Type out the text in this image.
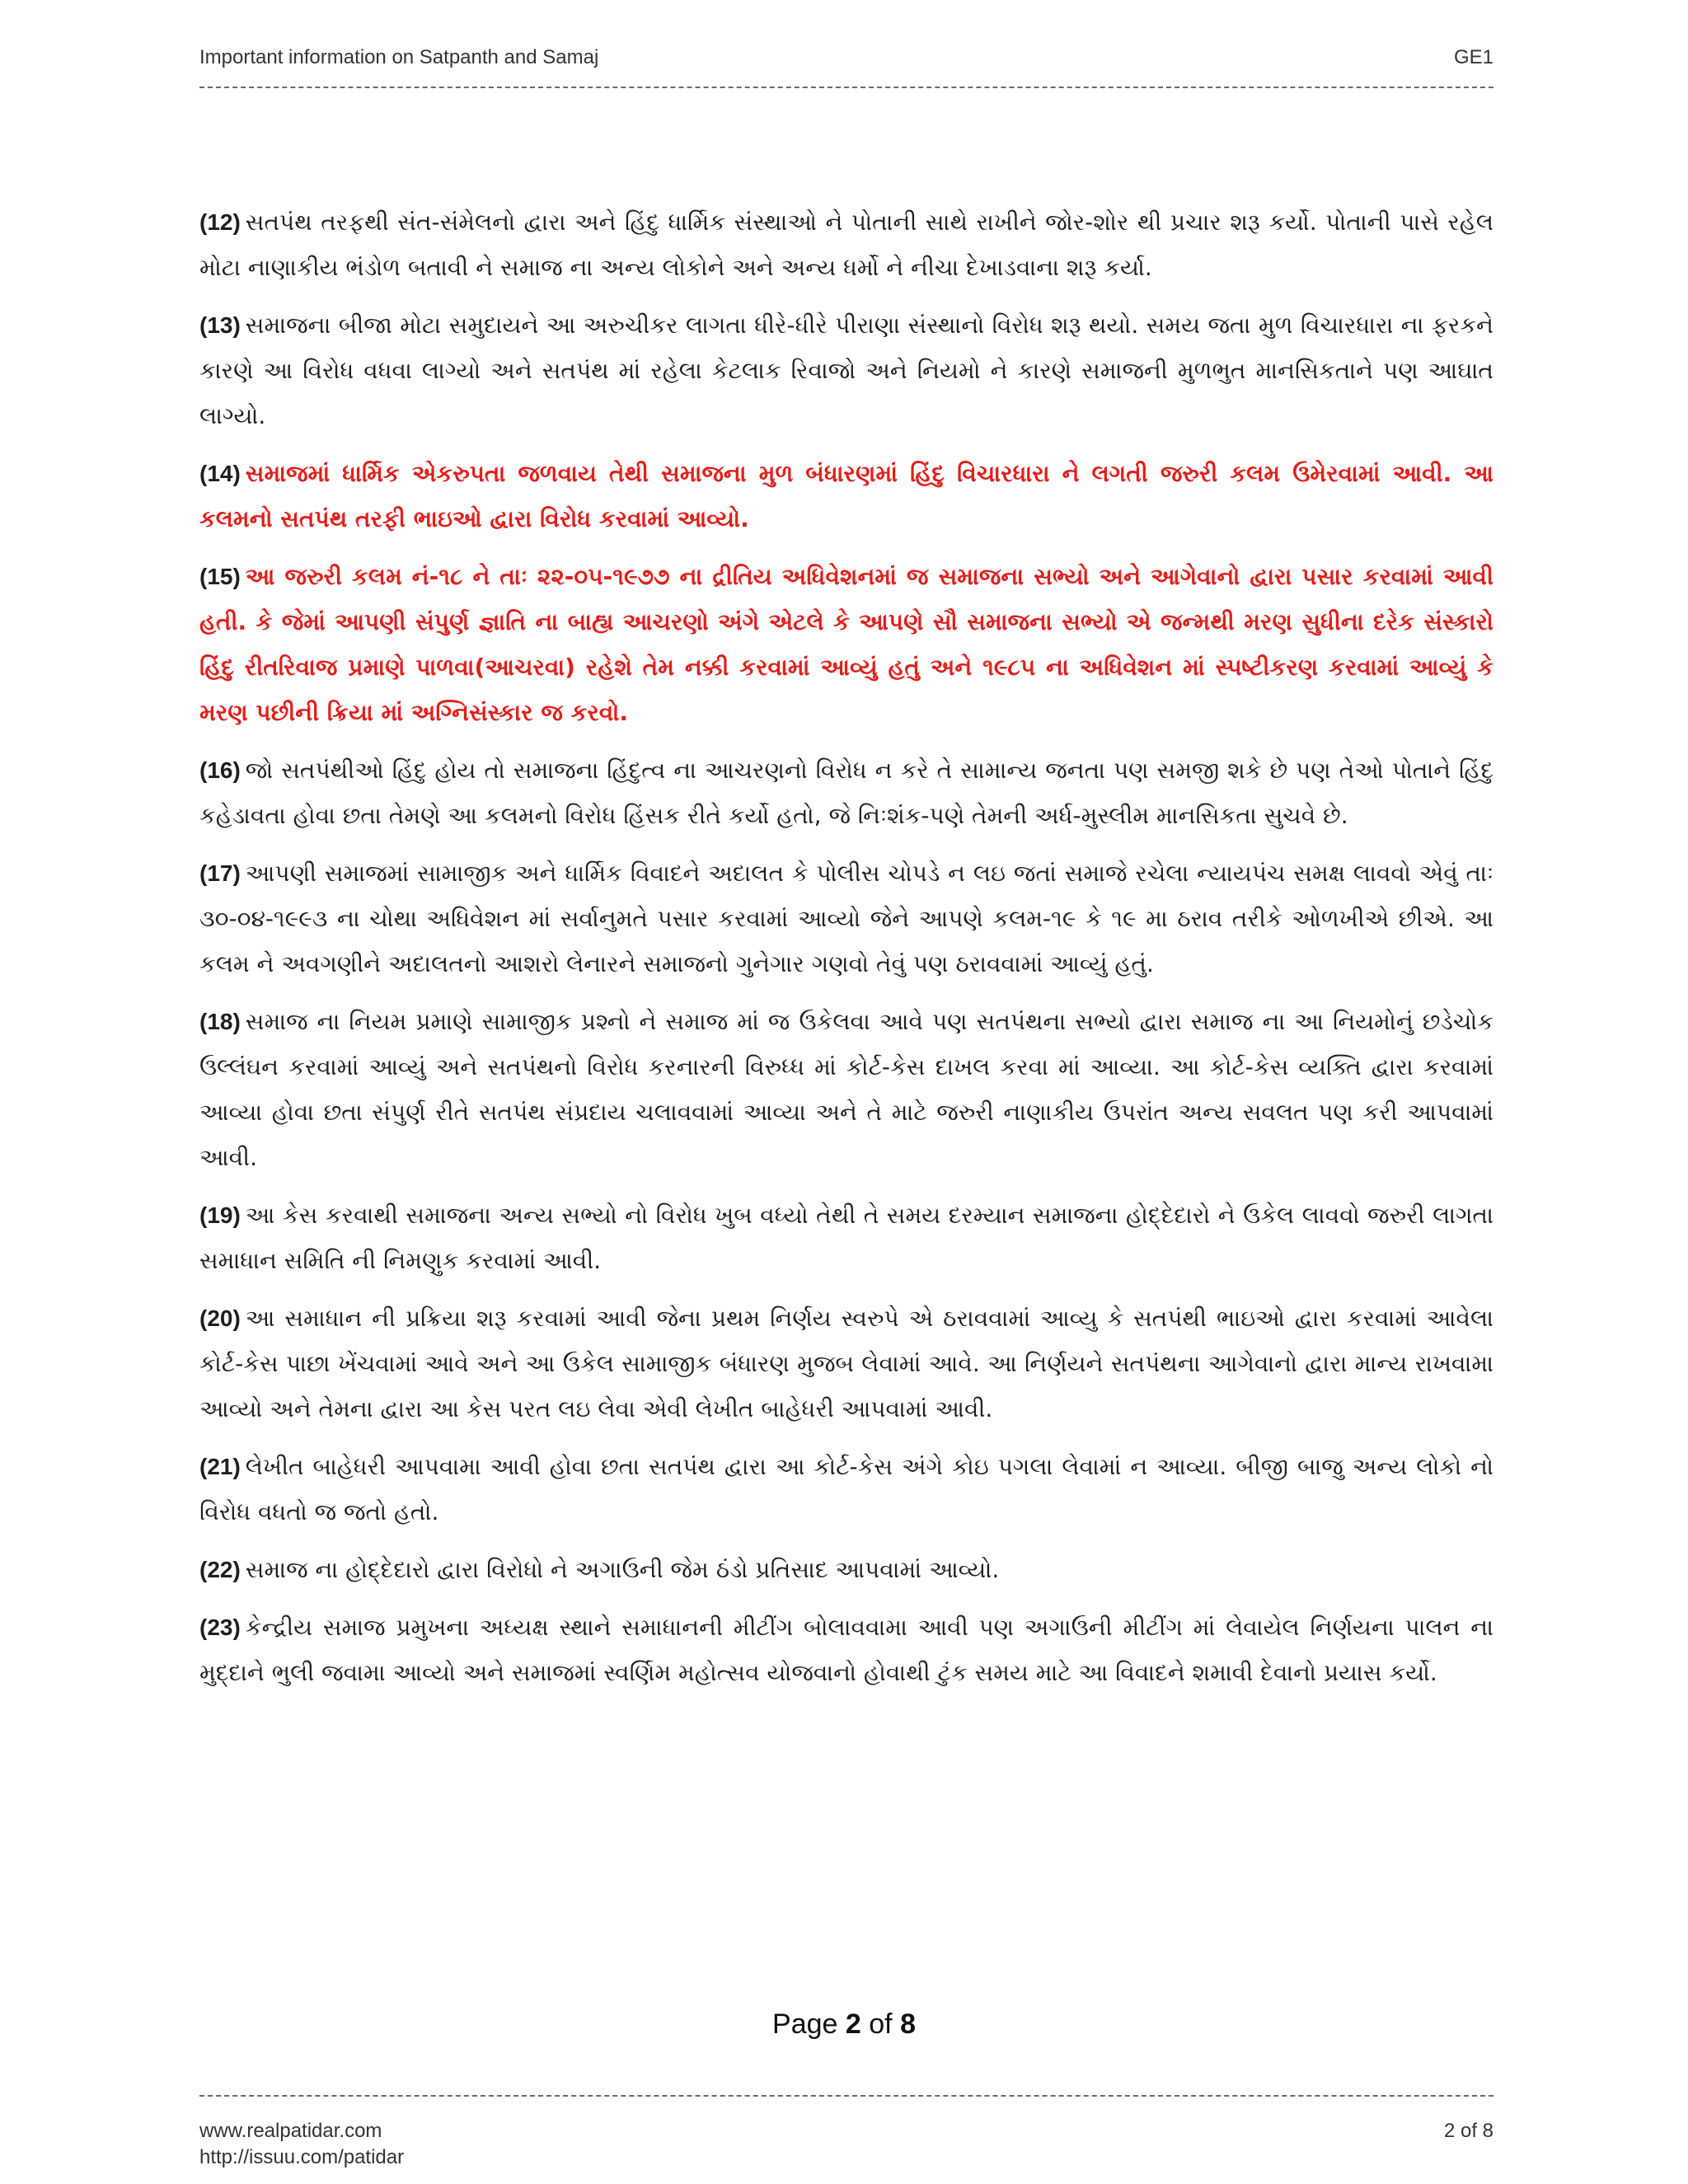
Important information on Satpanth and Samaj	GE1

(12) સતપંથ તરફથી સંત-સંમેલનો દ્વારા અને હિંદુ ધાર્મિક સંસ્થાઓ ને પોતાની સાથે રાખીને જોર-શોર થી પ્રચાર શરૂ કર્યો. પોતાની પાસે રહેલ મોટા નાણાકીય ભંડોળ બતાવી ને સમાજ ના અન્ય લોકોને અને અન્ય ધર્મો ને નીચા દેખાડવાના શરૂ કર્યા.

(13) સમાજના બીજા મોટા સમુદાયને આ અરુચીકર લાગતા ધીરે-ધીરે પીરાણા સંસ્થાનો વિરોધ શરૂ થયો. સમય જતા મુળ વિચારધારા ના ફરકને કારણે આ વિરોધ વધવા લાગ્યો અને સતપંથ માં રહેલા કેટલાક રિવાજો અને નિયમો ને કારણે સમાજની મુળભુત માનસિકતાને પણ આઘાત લાગ્યો.

(14) સમાજમાં ધાર્મિક એકરુપતા જળવાય તેથી સમાજના મુળ બંધારણમાં હિંદુ વિચારધારા ને લગતી જરુરી કલમ ઉમેરવામાં આવી. આ કલમનો સતપંથ તરફી ભાઇઓ દ્વારા વિરોધ કરવામાં આવ્યો.

(15) આ જરુરી કલમ નં-૧૮ ને તાઃ ૨૨-૦૫-૧૯૭૭ ના દ્રીતિય અધિવેશનમાં જ સમાજના સભ્યો અને આગેવાનો દ્વારા પસાર કરવામાં આવી હતી. કે જેમાં આપણી સંપુર્ણ જ્ઞાતિ ના બાહ્ય આચરણો અંગે એટલે કે આપણે સૌ સમાજના સભ્યો એ જન્મથી મરણ સુધીના દરેક સંસ્કારો હિંદુ રીતરિવાજ પ્રમાણે પાળવા(આચરવા) રહેશે તેમ નક્કી કરવામાં આવ્યું હતું અને ૧૯૮૫ ના અધિવેશન માં સ્પષ્ટીકરણ કરવામાં આવ્યું કે મરણ પછીની ક્રિયા માં અગ્નિસંસ્કાર જ કરવો.

(16) જો સતપંથીઓ હિંદુ હોય તો સમાજના હિંદુત્વ ના આચરણનો વિરોધ ન કરે તે સામાન્ય જનતા પણ સમજી શકે છે પણ તેઓ પોતાને હિંદુ કહેડાવતા હોવા છતા તેમણે આ કલમનો વિરોધ હિંસક રીતે કર્યો હતો, જે નિઃશંક-પણે તેમની અર્ધ-મુસ્લીમ માનસિકતા સુચવે છે.

(17) આપણી સમાજમાં સામાજીક અને ધાર્મિક વિવાદને અદાલત કે પોલીસ ચોપડે ન લઇ જતાં સમાજે રચેલા ન્યાયપંચ સમક્ષ લાવવો એવું તાઃ ૩૦-૦૪-૧૯૯૩ ના ચોથા અધિવેશન માં સર્વાનુમતે પસાર કરવામાં આવ્યો જેને આપણે કલમ-૧૯ કે ૧૯ મા ઠરાવ તરીકે ઓળખીએ છીએ. આ કલમ ને અવગણીને અદાલતનો આશરો લેનારને સમાજનો ગુનેગાર ગણવો તેવું પણ ઠરાવવામાં આવ્યું હતું.

(18) સમાજ ના નિયમ પ્રમાણે સામાજીક પ્રશ્નો ને સમાજ માં જ ઉકેલવા આવે પણ સતપંથના સભ્યો દ્વારા સમાજ ના આ નિયમોનું છડેચોક ઉલ્લંઘન કરવામાં આવ્યું અને સતપંથનો વિરોધ કરનારની વિરુધ્ધ માં કોર્ટ-કેસ દાખલ કરવા માં આવ્યા. આ કોર્ટ-કેસ વ્યક્તિ દ્વારા કરવામાં આવ્યા હોવા છતા સંપુર્ણ રીતે સતપંથ સંપ્રદાય ચલાવવામાં આવ્યા અને તે માટે જરુરી નાણાકીય ઉપરાંત અન્ય સવલત પણ કરી આપવામાં આવી.

(19) આ કેસ કરવાથી સમાજના અન્ય સભ્યો નો વિરોધ ખુબ વધ્યો તેથી તે સમય દરમ્યાન સમાજના હોદ્દેદારો ને ઉકેલ લાવવો જરુરી લાગતા સમાધાન સમિતિ ની નિમણુક કરવામાં આવી.

(20) આ સમાધાન ની પ્રક્રિયા શરૂ કરવામાં આવી જેના પ્રથમ નિર્ણય સ્વરુપે એ ઠરાવવામાં આવ્યુ કે સતપંથી ભાઇઓ દ્વારા કરવામાં આવેલા કોર્ટ-કેસ પાછા ખેંચવામાં આવે અને આ ઉકેલ સામાજીક બંધારણ મુજબ લેવામાં આવે. આ નિર્ણયને સતપંથના આગેવાનો દ્વારા માન્ય રાખવામા આવ્યો અને તેમના દ્વારા આ કેસ પરત લઇ લેવા એવી લેખીત બાહેધરી આપવામાં આવી.

(21) લેખીત બાહેધરી આપવામા આવી હોવા છતા સતપંથ દ્વારા આ કોર્ટ-કેસ અંગે કોઇ પગલા લેવામાં ન આવ્યા. બીજી બાજુ અન્ય લોકો નો વિરોધ વધતો જ જતો હતો.

(22) સમાજ ના હોદ્દેદારો દ્વારા વિરોધો ને અગાઉની જેમ ઠંડો પ્રતિસાદ આપવામાં આવ્યો.

(23) કેન્દ્રીય સમાજ પ્રમુખના અધ્યક્ષ સ્થાને સમાધાનની મીટીંગ બોલાવવામા આવી પણ અગાઉની મીટીંગ માં લેવાયેલ નિર્ણયના પાલન ના મુદ્દાને ભુલી જવામા આવ્યો અને સમાજમાં સ્વર્ણિમ મહોત્સવ યોજવાનો હોવાથી ટુંક સમય માટે આ વિવાદને શમાવી દેવાનો પ્રયાસ કર્યો.

Page 2 of 8
www.realpatidar.com
http://issuu.com/patidar
2 of 8
